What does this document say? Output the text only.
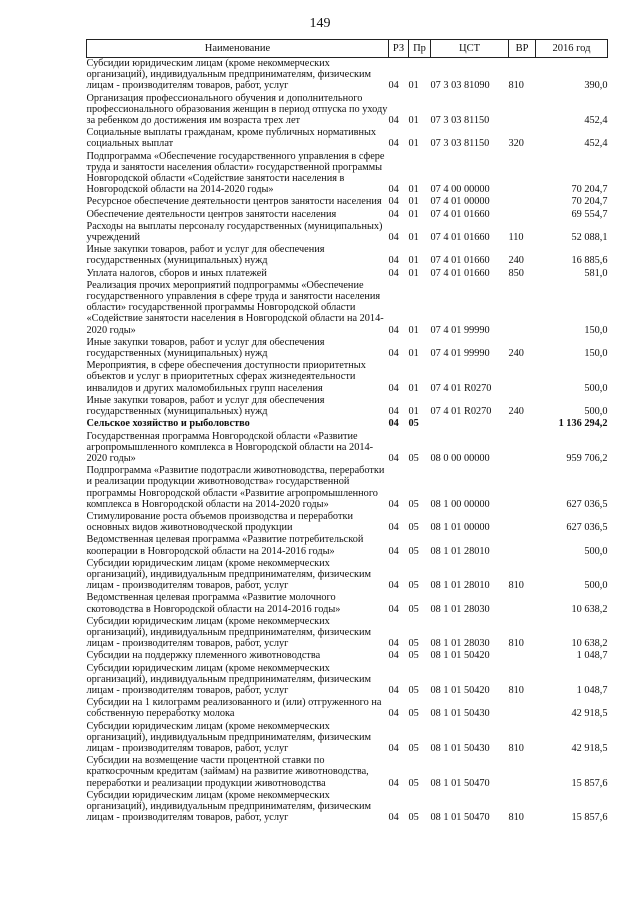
149
Наименование	РЗ	Пр	ЦСТ	ВР	2016 год
Субсидии юридическим лицам (кроме некоммерческих организаций), индивидуальным предпринимателям, физическим лицам - производителям товаров, работ, услуг	04	01	07 3 03 81090	810	390,0
Организация профессионального обучения и дополнительного профессионального образования женщин в период отпуска по уходу за ребенком до достижения им возраста трех лет	04	01	07 3 03 81150		452,4
Социальные выплаты гражданам, кроме публичных нормативных социальных выплат	04	01	07 3 03 81150	320	452,4
Подпрограмма «Обеспечение государственного управления в сфере труда и занятости населения области» государственной программы Новгородской области «Содействие занятости населения в Новгородской области на 2014-2020 годы»	04	01	07 4 00 00000		70 204,7
Ресурсное обеспечение деятельности центров занятости населения	04	01	07 4 01 00000		70 204,7
Обеспечение деятельности центров занятости населения	04	01	07 4 01 01660		69 554,7
Расходы на выплаты персоналу государственных (муниципальных) учреждений	04	01	07 4 01 01660	110	52 088,1
Иные закупки товаров, работ и услуг для обеспечения государственных (муниципальных) нужд	04	01	07 4 01 01660	240	16 885,6
Уплата налогов, сборов и иных платежей	04	01	07 4 01 01660	850	581,0
Реализация прочих мероприятий подпрограммы «Обеспечение государственного управления в сфере труда и занятости населения области» государственной программы Новгородской области «Содействие занятости населения в Новгородской области на 2014-2020 годы»	04	01	07 4 01 99990		150,0
Иные закупки товаров, работ и услуг для обеспечения государственных (муниципальных) нужд	04	01	07 4 01 99990	240	150,0
Мероприятия, в сфере обеспечения доступности приоритетных объектов и услуг в приоритетных сферах жизнедеятельности инвалидов и других маломобильных групп населения	04	01	07 4 01 R0270		500,0
Иные закупки товаров, работ и услуг для обеспечения государственных (муниципальных) нужд	04	01	07 4 01 R0270	240	500,0
Сельское хозяйство и рыболовство	04	05			1 136 294,2
Государственная программа Новгородской области «Развитие агропромышленного комплекса в Новгородской области на 2014-2020 годы»	04	05	08 0 00 00000		959 706,2
Подпрограмма «Развитие подотрасли животноводства, переработки и реализации продукции животноводства» государственной программы Новгородской области «Развитие агропромышленного комплекса в Новгородской области на 2014-2020 годы»	04	05	08 1 00 00000		627 036,5
Стимулирование роста объемов производства и переработки основных видов животноводческой продукции	04	05	08 1 01 00000		627 036,5
Ведомственная целевая программа «Развитие потребительской кооперации в Новгородской области на 2014-2016 годы»	04	05	08 1 01 28010		500,0
Субсидии юридическим лицам (кроме некоммерческих организаций), индивидуальным предпринимателям, физическим лицам - производителям товаров, работ, услуг	04	05	08 1 01 28010	810	500,0
Ведомственная целевая программа «Развитие молочного скотоводства в Новгородской области на 2014-2016 годы»	04	05	08 1 01 28030		10 638,2
Субсидии юридическим лицам (кроме некоммерческих организаций), индивидуальным предпринимателям, физическим лицам - производителям товаров, работ, услуг	04	05	08 1 01 28030	810	10 638,2
Субсидии на поддержку племенного животноводства	04	05	08 1 01 50420		1 048,7
Субсидии юридическим лицам (кроме некоммерческих организаций), индивидуальным предпринимателям, физическим лицам - производителям товаров, работ, услуг	04	05	08 1 01 50420	810	1 048,7
Субсидии на 1 килограмм реализованного и (или) отгруженного на собственную переработку молока	04	05	08 1 01 50430		42 918,5
Субсидии юридическим лицам (кроме некоммерческих организаций), индивидуальным предпринимателям, физическим лицам - производителям товаров, работ, услуг	04	05	08 1 01 50430	810	42 918,5
Субсидии на возмещение части процентной ставки по краткосрочным кредитам (займам) на развитие животноводства, переработки и реализации продукции животноводства	04	05	08 1 01 50470		15 857,6
Субсидии юридическим лицам (кроме некоммерческих организаций), индивидуальным предпринимателям, физическим лицам - производителям товаров, работ, услуг	04	05	08 1 01 50470	810	15 857,6
